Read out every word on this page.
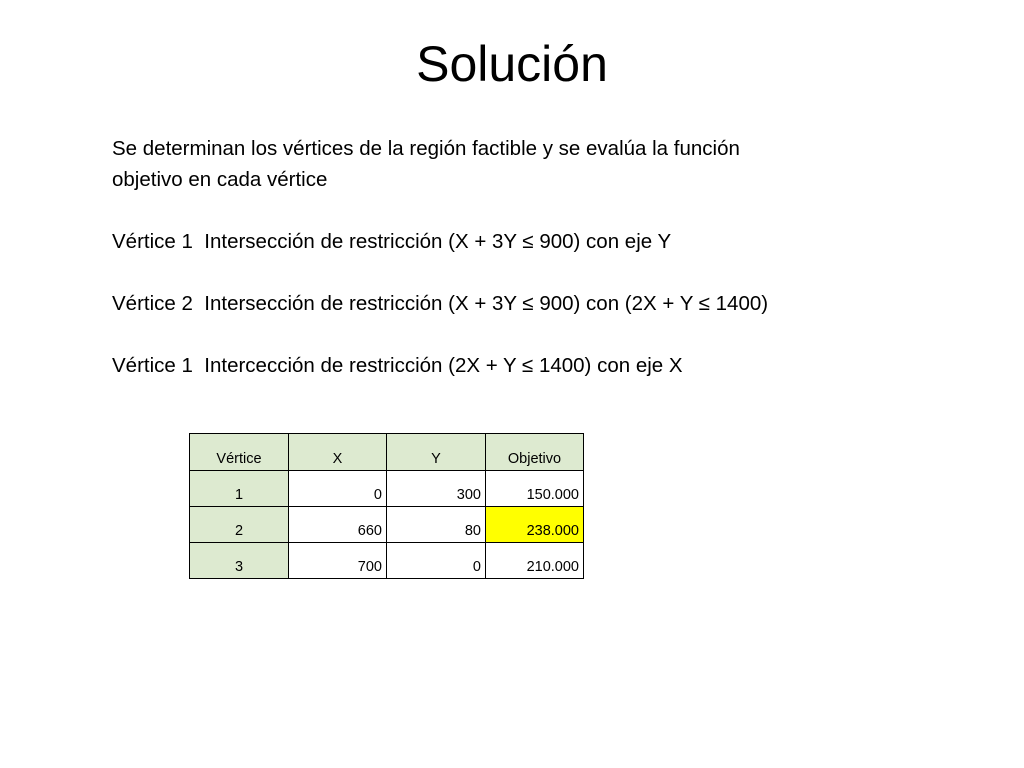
Solución

Se determinan los vértices de la región factible y se evalúa la función

objetivo en cada vértice

Vértice 1  Intersección de restricción (X + 3Y ≤ 900) con eje Y

Vértice 2  Intersección de restricción (X + 3Y ≤ 900) con (2X + Y ≤ 1400)

Vértice 1  Intercección de restricción (2X + Y ≤ 1400) con eje X

Vértice	X	Y	Objetivo
1	0	300	150.000
2	660	80	238.000
3	700	0	210.000
